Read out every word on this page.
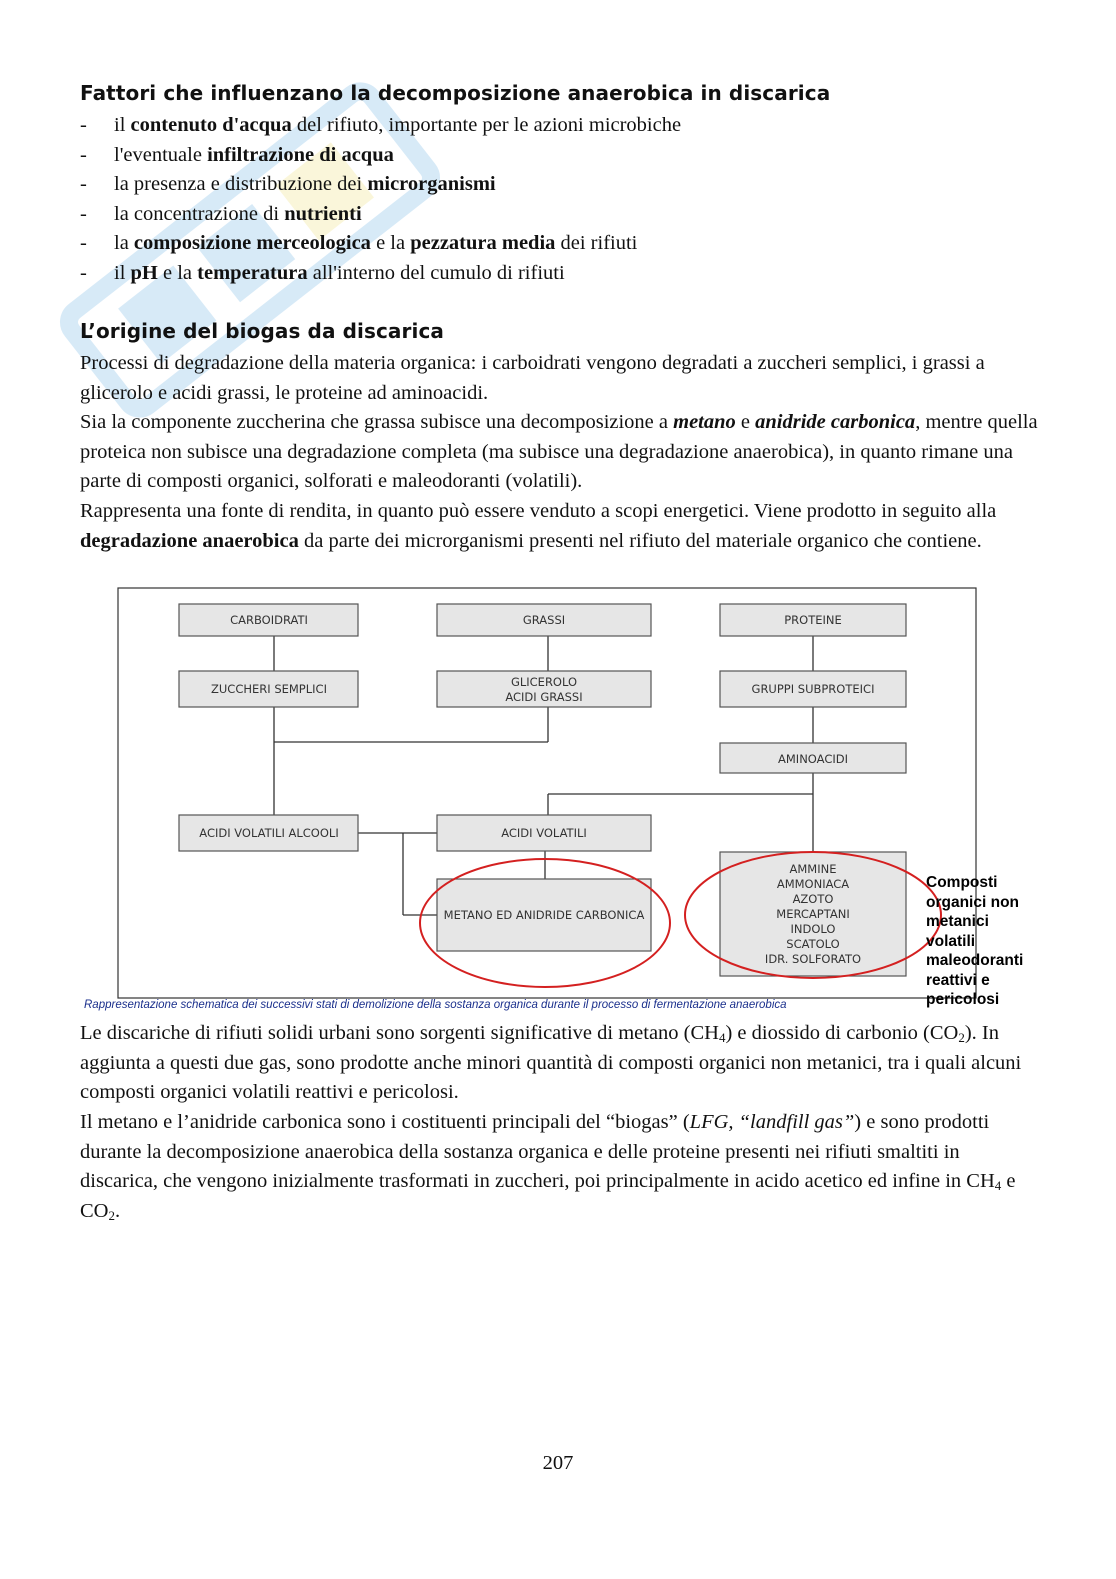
Fattori che influenzano la decomposizione anaerobica in discarica
- il contenuto d'acqua del rifiuto, importante per le azioni microbiche
- l'eventuale infiltrazione di acqua
- la presenza e distribuzione dei microrganismi
- la concentrazione di nutrienti
- la composizione merceologica e la pezzatura media dei rifiuti
- il pH e la temperatura all'interno del cumulo di rifiuti
L’origine del biogas da discarica

Processi di degradazione della materia organica: i carboidrati vengono degradati a zuccheri semplici, i grassi a glicerolo e acidi grassi, le proteine ad aminoacidi.

Sia la componente zuccherina che grassa subisce una decomposizione a metano e anidride carbonica, mentre quella proteica non subisce una degradazione completa (ma subisce una degradazione anaerobica), in quanto rimane una parte di composti organici, solforati e maleodoranti (volatili).

Rappresenta una fonte di rendita, in quanto può essere venduto a scopi energetici. Viene prodotto in seguito alla degradazione anaerobica da parte dei microrganismi presenti nel rifiuto del materiale organico che contiene.

CARBOIDRATI	GRASSI	PROTEINE
ZUCCHERI SEMPLICI	GLICEROLO
ACIDI GRASSI
GRUPPI SUBPROTEICI
AMINOACIDI
ACIDI VOLATILI ALCOOLI	ACIDI VOLATILI
METANO ED ANIDRIDE CARBONICA
AMMINE
AMMONIACA
AZOTO
MERCAPTANI
INDOLO
SCATOLO
IDR. SOLFORATO

Rappresentazione schematica dei successivi stati di demolizione della sostanza organica durante il processo di fermentazione anaerobica

Composti
organici non
metanici
volatili
maleodoranti
reattivi e
pericolosi

Le discariche di rifiuti solidi urbani sono sorgenti significative di metano $(CH_4)$ e diossido di carbonio $(CO_2)$. In aggiunta a questi due gas, sono prodotte anche minori quantità di composti organici non metanici, tra i quali alcuni composti organici volatili reattivi e pericolosi.

Il metano e l’anidride carbonica sono i costituenti principali del “biogas” (LFG, “landfill gas”) e sono prodotti durante la decomposizione anaerobica della sostanza organica e delle proteine presenti nei rifiuti smaltiti in discarica, che vengono inizialmente trasformati in zuccheri, poi principalmente in acido acetico ed infine in $CH_4$ e $CO_2$.

207
